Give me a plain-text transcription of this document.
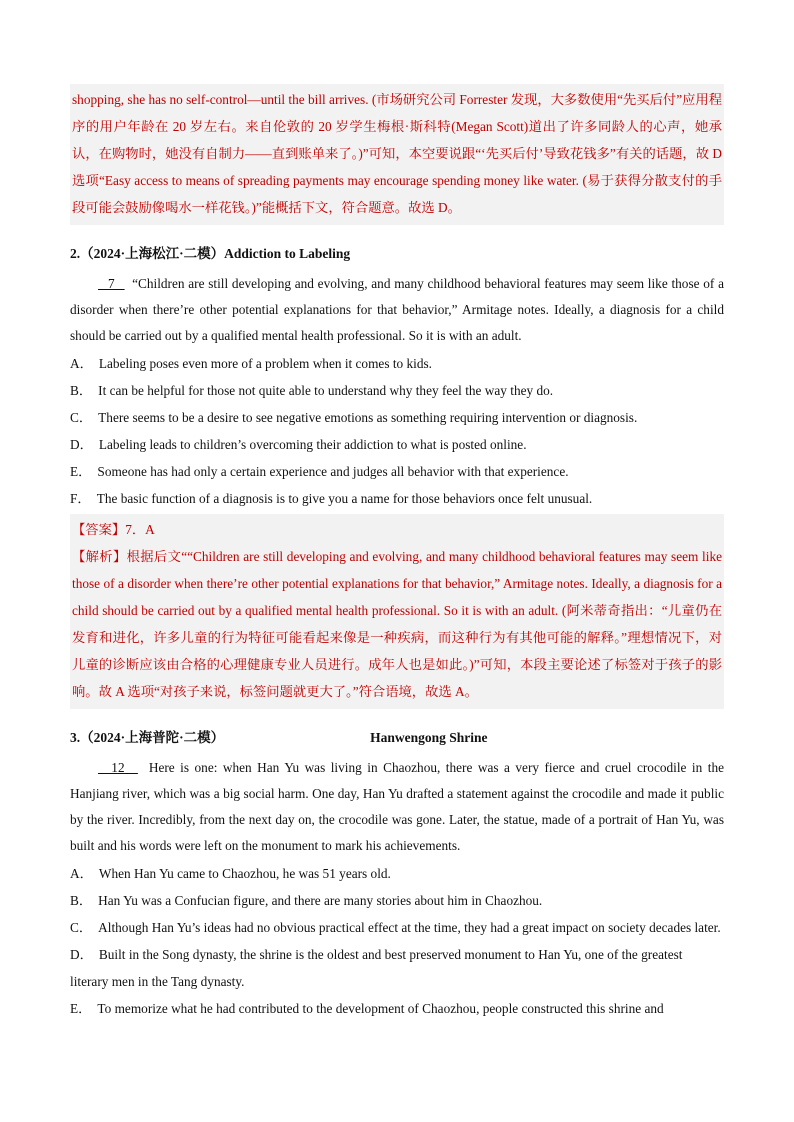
shopping, she has no self-control—until the bill arrives. (市场研究公司 Forrester 发现，大多数使用“先买后付”应用程序的用户年龄在 20 岁左右。来自伦敦的 20 岁学生梅根·斯科特(Megan Scott)道出了许多同龄人的心声，她承认，在购物时，她没有自制力——直到账单来了。)”可知，本空要说跟“‘先买后付’导致花钱多”有关的话题，故 D 选项“Easy access to means of spreading payments may encourage spending money like water. (易于获得分散支付的手段可能会鼓励像喝水一样花钱。)”能概括下文，符合题意。故选 D。

2.（2024·上海松江·二模）Addiction to Labeling

7     “Children are still developing and evolving, and many childhood behavioral features may seem like those of a disorder when there’re other potential explanations for that behavior,” Armitage notes. Ideally, a diagnosis for a child should be carried out by a qualified mental health professional. So it is with an adult.

A． Labeling poses even more of a problem when it comes to kids.

B． It can be helpful for those not quite able to understand why they feel the way they do.

C． There seems to be a desire to see negative emotions as something requiring intervention or diagnosis.

D． Labeling leads to children’s overcoming their addiction to what is posted online.

E． Someone has had only a certain experience and judges all behavior with that experience.

F． The basic function of a diagnosis is to give you a name for those behaviors once felt unusual.

【答案】7．A

【解析】根据后文““Children are still developing and evolving, and many childhood behavioral features may seem like those of a disorder when there’re other potential explanations for that behavior,” Armitage notes. Ideally, a diagnosis for a child should be carried out by a qualified mental health professional. So it is with an adult. (阿米蒂奇指出：“儿童仍在发育和进化，许多儿童的行为特征可能看起来像是一种疾病，而这种行为有其他可能的解释。”理想情况下，对儿童的诊断应该由合格的心理健康专业人员进行。成年人也是如此。)”可知，本段主要论述了标签对于孩子的影响。故 A 选项“对孩子来说，标签问题就更大了。”符合语境，故选 A。

3.（2024·上海普陀·二模）	Hanwengong Shrine

12      Here is one: when Han Yu was living in Chaozhou, there was a very fierce and cruel crocodile in the Hanjiang river, which was a big social harm. One day, Han Yu drafted a statement against the crocodile and made it public by the river. Incredibly, from the next day on, the crocodile was gone. Later, the statue, made of a portrait of Han Yu, was built and his words were left on the monument to mark his achievements.

A． When Han Yu came to Chaozhou, he was 51 years old.

B． Han Yu was a Confucian figure, and there are many stories about him in Chaozhou.

C． Although Han Yu’s ideas had no obvious practical effect at the time, they had a great impact on society decades later.

D． Built in the Song dynasty, the shrine is the oldest and best preserved monument to Han Yu, one of the greatest literary men in the Tang dynasty.

E． To memorize what he had contributed to the development of Chaozhou, people constructed this shrine and
